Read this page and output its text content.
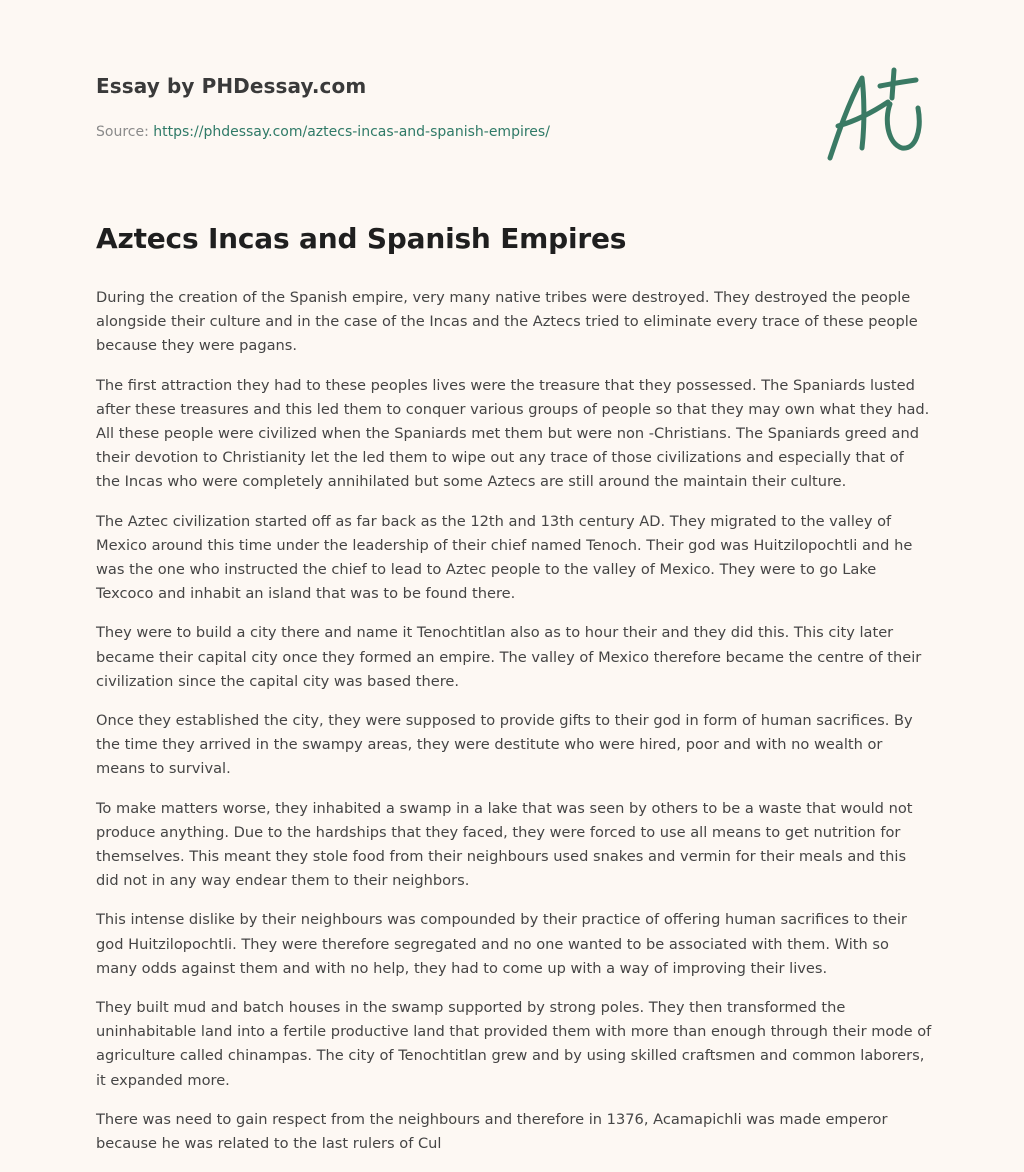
Essay by PHDessay.com
Source: https://phdessay.com/aztecs-incas-and-spanish-empires/
Aztecs Incas and Spanish Empires

During the creation of the Spanish empire, very many native tribes were destroyed. They destroyed the people alongside their culture and in the case of the Incas and the Aztecs tried to eliminate every trace of these people because they were pagans.

The first attraction they had to these peoples lives were the treasure that they possessed. The Spaniards lusted after these treasures and this led them to conquer various groups of people so that they may own what they had. All these people were civilized when the Spaniards met them but were non -Christians. The Spaniards greed and their devotion to Christianity let the led them to wipe out any trace of those civilizations and especially that of the Incas who were completely annihilated but some Aztecs are still around the maintain their culture.

The Aztec civilization started off as far back as the 12th and 13th century AD. They migrated to the valley of Mexico around this time under the leadership of their chief named Tenoch. Their god was Huitzilopochtli and he was the one who instructed the chief to lead to Aztec people to the valley of Mexico. They were to go Lake Texcoco and inhabit an island that was to be found there.

They were to build a city there and name it Tenochtitlan also as to hour their and they did this. This city later became their capital city once they formed an empire. The valley of Mexico therefore became the centre of their civilization since the capital city was based there.

Once they established the city, they were supposed to provide gifts to their god in form of human sacrifices. By the time they arrived in the swampy areas, they were destitute who were hired, poor and with no wealth or means to survival.

To make matters worse, they inhabited a swamp in a lake that was seen by others to be a waste that would not produce anything. Due to the hardships that they faced, they were forced to use all means to get nutrition for themselves. This meant they stole food from their neighbours used snakes and vermin for their meals and this did not in any way endear them to their neighbors.

This intense dislike by their neighbours was compounded by their practice of offering human sacrifices to their god Huitzilopochtli. They were therefore segregated and no one wanted to be associated with them. With so many odds against them and with no help, they had to come up with a way of improving their lives.

They built mud and batch houses in the swamp supported by strong poles. They then transformed the uninhabitable land into a fertile productive land that provided them with more than enough through their mode of agriculture called chinampas. The city of Tenochtitlan grew and by using skilled craftsmen and common laborers, it expanded more.

There was need to gain respect from the neighbours and therefore in 1376, Acamapichli was made emperor because he was related to the last rulers of Cul
